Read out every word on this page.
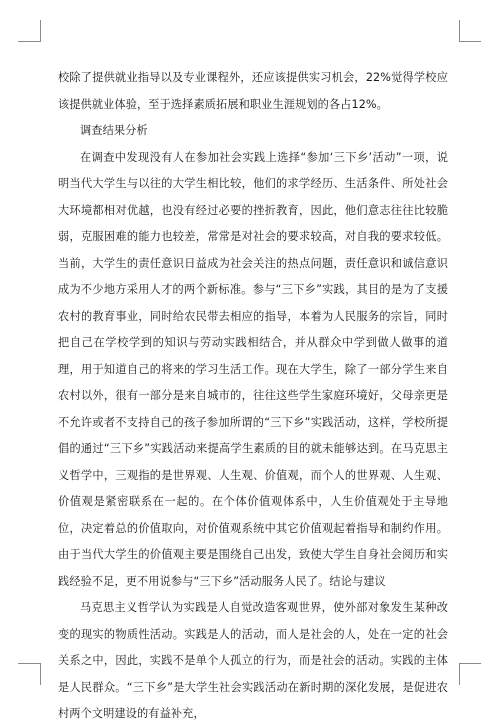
校除了提供就业指导以及专业课程外，还应该提供实习机会，22%觉得学校应该提供就业体验，至于选择素质拓展和职业生涯规划的各占12%。

调查结果分析

在调查中发现没有人在参加社会实践上选择“参加‘三下乡’活动”一项，说明当代大学生与以往的大学生相比较，他们的求学经历、生活条件、所处社会大环境都相对优越，也没有经过必要的挫折教育，因此，他们意志往往比较脆弱，克服困难的能力也较差，常常是对社会的要求较高，对自我的要求较低。当前，大学生的责任意识日益成为社会关注的热点问题，责任意识和诚信意识成为不少地方采用人才的两个新标准。参与“三下乡”实践，其目的是为了支援农村的教育事业，同时给农民带去相应的指导，本着为人民服务的宗旨，同时把自己在学校学到的知识与劳动实践相结合，并从群众中学到做人做事的道理，用于知道自己的将来的学习生活工作。现在大学生，除了一部分学生来自农村以外，很有一部分是来自城市的，往往这些学生家庭环境好，父母亲更是不允许或者不支持自己的孩子参加所谓的“三下乡”实践活动，这样，学校所提倡的通过“三下乡”实践活动来提高学生素质的目的就未能够达到。在马克思主义哲学中，三观指的是世界观、人生观、价值观，而个人的世界观、人生观、价值观是紧密联系在一起的。在个体价值观体系中，人生价值观处于主导地位，决定着总的价值取向，对价值观系统中其它价值观起着指导和制约作用。由于当代大学生的价值观主要是围绕自己出发，致使大学生自身社会阅历和实践经验不足，更不用说参与“三下乡”活动服务人民了。结论与建议

马克思主义哲学认为实践是人自觉改造客观世界，使外部对象发生某种改变的现实的物质性活动。实践是人的活动，而人是社会的人，处在一定的社会关系之中，因此，实践不是单个人孤立的行为，而是社会的活动。实践的主体是人民群众。“三下乡”是大学生社会实践活动在新时期的深化发展，是促进农村两个文明建设的有益补充，
